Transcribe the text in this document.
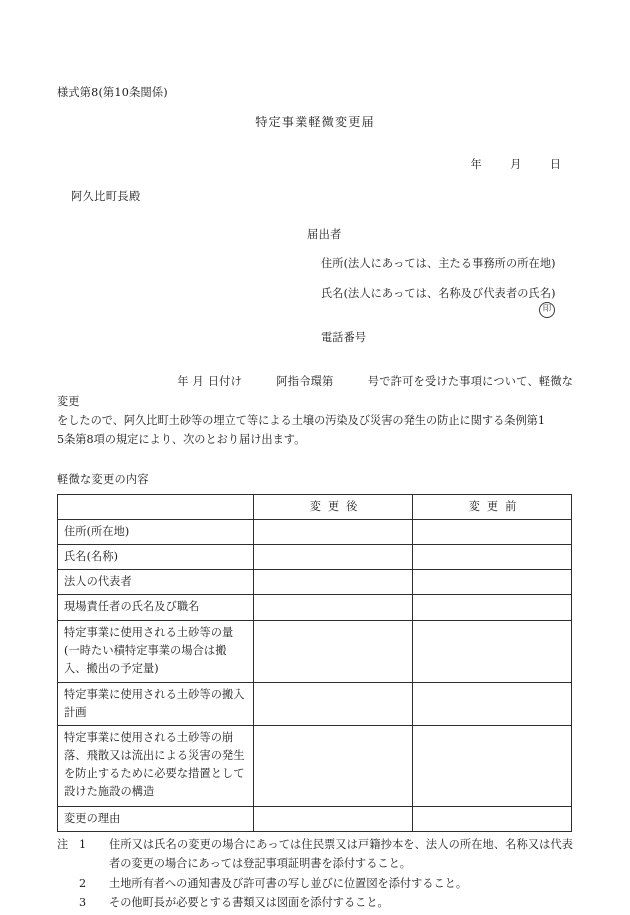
様式第8(第10条関係)
特定事業軽微変更届
年        月        日
阿久比町長殿
届出者
住所(法人にあっては、主たる事務所の所在地)
氏名(法人にあっては、名称及び代表者の氏名)
印
電話番号
年 月 日付け	阿指令環第	号で許可を受けた事項について、軽微な変更
をしたので、阿久比町土砂等の埋立て等による土壌の汚染及び災害の発生の防止に関する条例第1
5条第8項の規定により、次のとおり届け出ます。
軽微な変更の内容
	変更後	変更前
住所(所在地)		
氏名(名称)		
法人の代表者		
現場責任者の氏名及び職名		
特定事業に使用される土砂等の量(一時たい積特定事業の場合は搬入、搬出の予定量)		
特定事業に使用される土砂等の搬入計画		
特定事業に使用される土砂等の崩落、飛散又は流出による災害の発生を防止するために必要な措置として設けた施設の構造		
変更の理由		
注 1	住所又は氏名の変更の場合にあっては住民票又は戸籍抄本を、法人の所在地、名称又は代表者の変更の場合にあっては登記事項証明書を添付すること。
2	土地所有者への通知書及び許可書の写し並びに位置図を添付すること。
3	その他町長が必要とする書類又は図面を添付すること。
